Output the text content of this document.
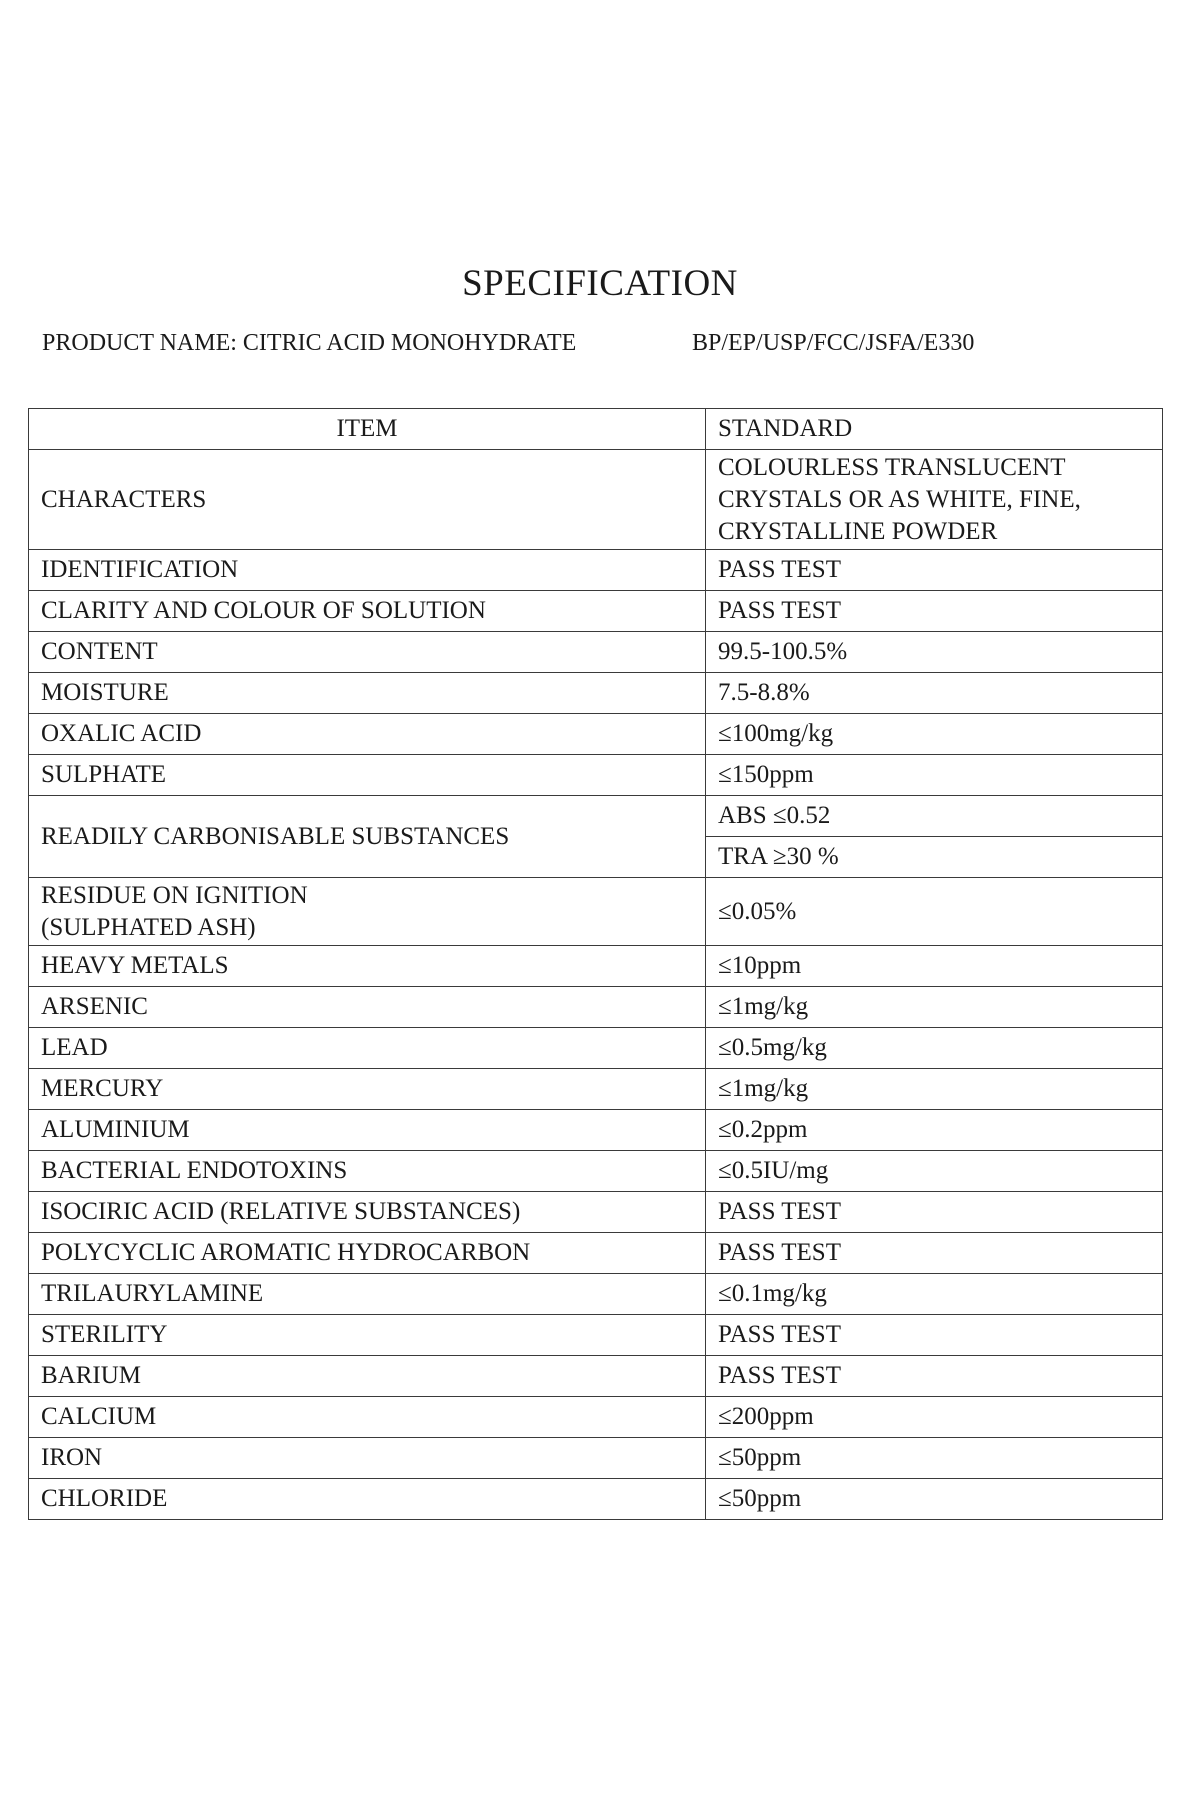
SPECIFICATION
PRODUCT NAME: CITRIC ACID MONOHYDRATE	BP/EP/USP/FCC/JSFA/E330
ITEM	STANDARD
CHARACTERS	COLOURLESS TRANSLUCENT
CRYSTALS OR AS WHITE, FINE,
CRYSTALLINE POWDER

IDENTIFICATION	PASS TEST
CLARITY AND COLOUR OF SOLUTION	PASS TEST
CONTENT	99.5-100.5%
MOISTURE	7.5-8.8%
OXALIC ACID	≤100mg/kg
SULPHATE	≤150ppm
READILY CARBONISABLE SUBSTANCES	ABS ≤0.52
	TRA ≥30 %

RESIDUE ON IGNITION
(SULPHATED ASH)	≤0.05%
HEAVY METALS	≤10ppm
ARSENIC	≤1mg/kg
LEAD	≤0.5mg/kg
MERCURY	≤1mg/kg
ALUMINIUM	≤0.2ppm
BACTERIAL ENDOTOXINS	≤0.5IU/mg
ISOCIRIC ACID (RELATIVE SUBSTANCES)	PASS TEST
POLYCYCLIC AROMATIC HYDROCARBON	PASS TEST
TRILAURYLAMINE	≤0.1mg/kg
STERILITY	PASS TEST
BARIUM	PASS TEST
CALCIUM	≤200ppm
IRON	≤50ppm
CHLORIDE	≤50ppm
